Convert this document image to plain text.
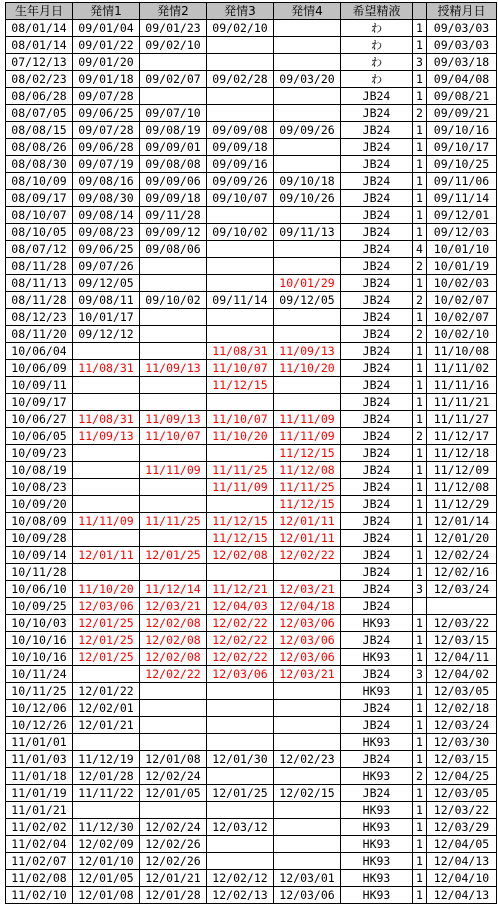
生年月日	発情1	発情2	発情3	発情4	希望精液		授精月日
08/01/14	09/01/04	09/01/23	09/02/10		わ	1	09/03/03
08/01/14	09/01/22	09/02/10			わ	1	09/03/03
07/12/13	09/01/20				わ	3	09/03/18
08/02/23	09/01/18	09/02/07	09/02/28	09/03/20	わ	1	09/04/08
08/06/28	09/07/28				JB24	1	09/08/21
08/07/05	09/06/25	09/07/10			JB24	2	09/09/21
08/08/15	09/07/28	09/08/19	09/09/08	09/09/26	JB24	1	09/10/16
08/08/26	09/06/28	09/09/01	09/09/18		JB24	1	09/10/17
08/08/30	09/07/19	09/08/08	09/09/16		JB24	1	09/10/25
08/10/09	09/08/16	09/09/06	09/09/26	09/10/18	JB24	1	09/11/06
08/09/17	09/08/30	09/09/18	09/10/07	09/10/26	JB24	1	09/11/14
08/10/07	09/08/14	09/11/28			JB24	1	09/12/01
08/10/05	09/08/23	09/09/12	09/10/02	09/11/13	JB24	1	09/12/03
08/07/12	09/06/25	09/08/06			JB24	4	10/01/10
08/11/28	09/07/26				JB24	2	10/01/19
08/11/13	09/12/05			10/01/29	JB24	1	10/02/03
08/11/28	09/08/11	09/10/02	09/11/14	09/12/05	JB24	2	10/02/07
08/12/23	10/01/17				JB24	1	10/02/07
08/11/20	09/12/12				JB24	2	10/02/10
10/06/04			11/08/31	11/09/13	JB24	1	11/10/08
10/06/09	11/08/31	11/09/13	11/10/07	11/10/20	JB24	1	11/11/02
10/09/11			11/12/15		JB24	1	11/11/16
10/09/17					JB24	1	11/11/21
10/06/27	11/08/31	11/09/13	11/10/07	11/11/09	JB24	1	11/11/27
10/06/05	11/09/13	11/10/07	11/10/20	11/11/09	JB24	2	11/12/17
10/09/23				11/12/15	JB24	1	11/12/18
10/08/19		11/11/09	11/11/25	11/12/08	JB24	1	11/12/09
10/08/23			11/11/09	11/11/25	JB24	1	11/12/08
10/09/20				11/12/15	JB24	1	11/12/29
10/08/09	11/11/09	11/11/25	11/12/15	12/01/11	JB24	1	12/01/14
10/09/28			11/12/15	12/01/11	JB24	1	12/01/20
10/09/14	12/01/11	12/01/25	12/02/08	12/02/22	JB24	1	12/02/24
10/11/28					JB24	1	12/02/16
10/06/10	11/10/20	11/12/14	11/12/21	12/03/21	JB24	3	12/03/24
10/09/25	12/03/06	12/03/21	12/04/03	12/04/18	JB24		
10/10/03	12/01/25	12/02/08	12/02/22	12/03/06	HK93	1	12/03/22
10/10/16	12/01/25	12/02/08	12/02/22	12/03/06	JB24	1	12/03/15
10/10/16	12/01/25	12/02/08	12/02/22	12/03/06	HK93	1	12/04/11
10/11/24		12/02/22	12/03/06	12/03/21	JB24	3	12/04/02
10/11/25	12/01/22				HK93	1	12/03/05
10/12/06	12/02/01				JB24	1	12/02/18
10/12/26	12/01/21				JB24	1	12/03/24
11/01/01					HK93	1	12/03/30
11/01/03	11/12/19	12/01/08	12/01/30	12/02/23	JB24	1	12/03/15
11/01/18	12/01/28	12/02/24			HK93	2	12/04/25
11/01/19	11/11/22	12/01/05	12/01/25	12/02/15	JB24	1	12/03/05
11/01/21					HK93	1	12/03/22
11/02/02	11/12/30	12/02/24	12/03/12		HK93	1	12/03/29
11/02/04	12/02/09	12/02/26			HK93	1	12/04/05
11/02/07	12/01/10	12/02/26			HK93	1	12/04/13
11/02/08	12/01/05	12/01/21	12/02/12	12/03/01	HK93	1	12/04/10
11/02/10	12/01/08	12/01/28	12/02/13	12/03/06	HK93	1	12/04/13
